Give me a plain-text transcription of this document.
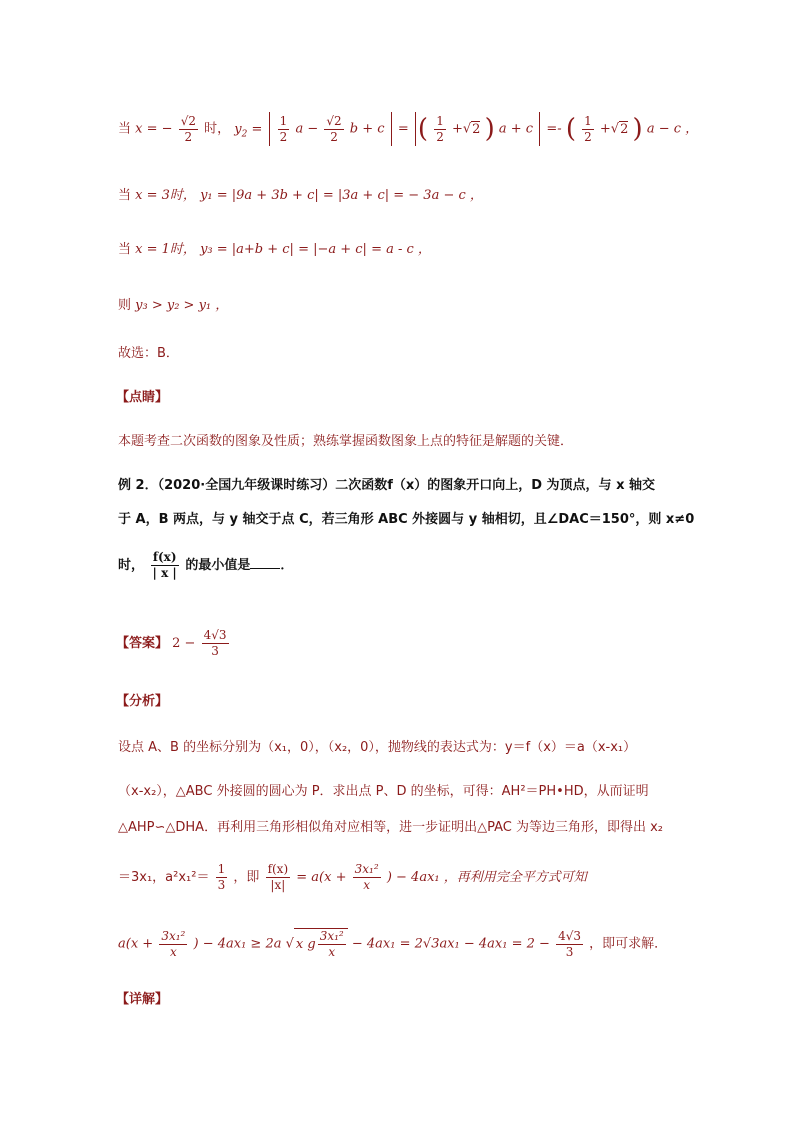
当 x = − $\frac{√2}{2}$ 时， $y_2 = \frac{1}{2}$ $a - \frac{√2}{2}$ b + c = ( $\frac{1}{2} +√2$ ) a + c =- ( $\frac{1}{2} +√2$ ) a − c ，
当 x = 3时， y₁ = |9a + 3b + c| = |3a + c| = − 3a − c ，
当 x = 1时， y₃ = |a+b + c| = |−a + c| = a - c ，
则 y₃ > y₂ > y₁ ，
故选：B．
【点睛】
本题考查二次函数的图象及性质；熟练掌握函数图象上点的特征是解题的关键．
例 2．（2020·全国九年级课时练习）二次函数f（x）的图象开口向上，D 为顶点，与 x 轴交
于 A，B 两点，与 y 轴交于点 C，若三角形 ABC 外接圆与 y 轴相切，且∠DAC＝150°，则 x≠0
时， $\frac{f(x)}{| x |}$ 的最小值是 ．
【答案】 $2 - \frac{4√3}{3}$
【分析】
设点 A、B 的坐标分别为（x₁，0），（x₂，0），抛物线的表达式为：y＝f（x）＝a（x-x₁）
（x-x₂），△ABC 外接圆的圆心为 P．求出点 P、D 的坐标，可得：AH²＝PH•HD，从而证明
△AHP∽△DHA．再利用三角形相似角对应相等，进一步证明出△PAC 为等边三角形，即得出 x₂
＝3x₁，$a^2x_1^2= \frac{1}{3}$ ，即 $\frac{f(x)}{|x|} = a(x + \frac{\text{3x₁²}}{x}$ ) − 4ax₁ ，再利用完全平方式可知
$a(x + \frac{\text{3x₁²}}{x}$ ) − 4ax₁ ≥ 2a √ x g $\frac{\text{3x₁²}}{x} - 4ax_1 = 2√3ax_1 - 4ax_1 = 2 - \frac{4√3}{3}$ ，即可求解．
【详解】
